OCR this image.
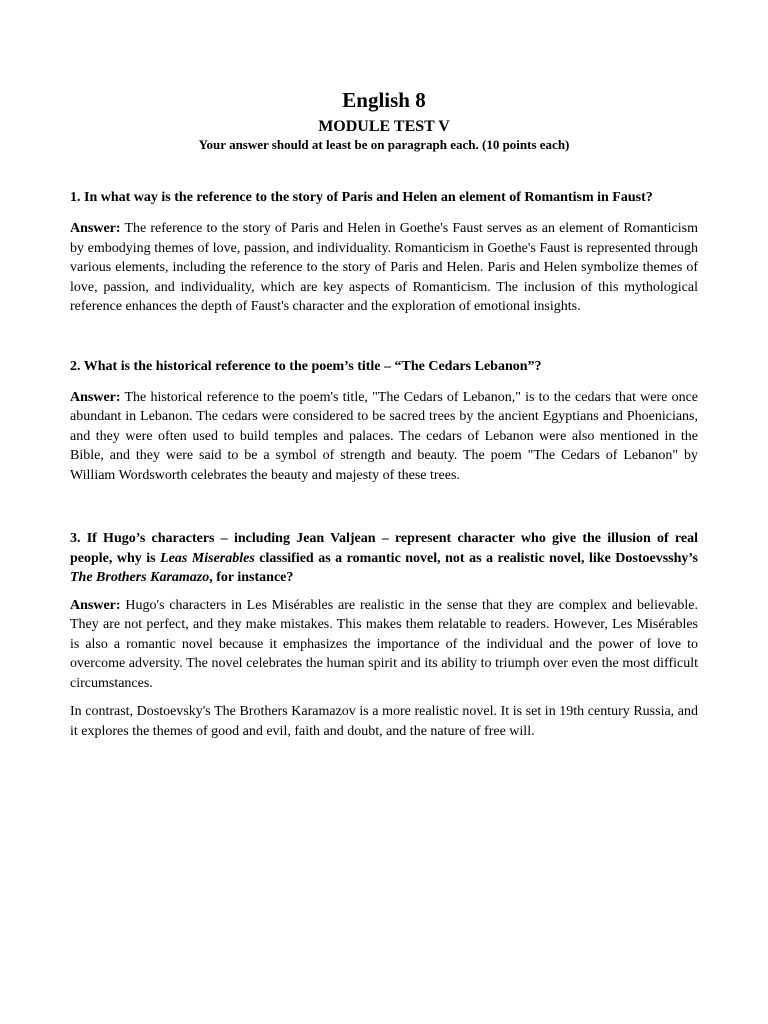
English 8
MODULE TEST V
Your answer should at least be on paragraph each. (10 points each)

1. In what way is the reference to the story of Paris and Helen an element of Romantism in Faust?

Answer: The reference to the story of Paris and Helen in Goethe's Faust serves as an element of Romanticism by embodying themes of love, passion, and individuality. Romanticism in Goethe's Faust is represented through various elements, including the reference to the story of Paris and Helen. Paris and Helen symbolize themes of love, passion, and individuality, which are key aspects of Romanticism. The inclusion of this mythological reference enhances the depth of Faust's character and the exploration of emotional insights.

2. What is the historical reference to the poem’s title – “The Cedars Lebanon”?

Answer: The historical reference to the poem's title, "The Cedars of Lebanon," is to the cedars that were once abundant in Lebanon. The cedars were considered to be sacred trees by the ancient Egyptians and Phoenicians, and they were often used to build temples and palaces. The cedars of Lebanon were also mentioned in the Bible, and they were said to be a symbol of strength and beauty. The poem "The Cedars of Lebanon" by William Wordsworth celebrates the beauty and majesty of these trees.

3. If Hugo’s characters – including Jean Valjean – represent character who give the illusion of real people, why is Leas Miserables classified as a romantic novel, not as a realistic novel, like Dostoevsshy’s The Brothers Karamazo, for instance?

Answer: Hugo's characters in Les Misérables are realistic in the sense that they are complex and believable. They are not perfect, and they make mistakes. This makes them relatable to readers. However, Les Misérables is also a romantic novel because it emphasizes the importance of the individual and the power of love to overcome adversity. The novel celebrates the human spirit and its ability to triumph over even the most difficult circumstances.

In contrast, Dostoevsky's The Brothers Karamazov is a more realistic novel. It is set in 19th century Russia, and it explores the themes of good and evil, faith and doubt, and the nature of free will.
